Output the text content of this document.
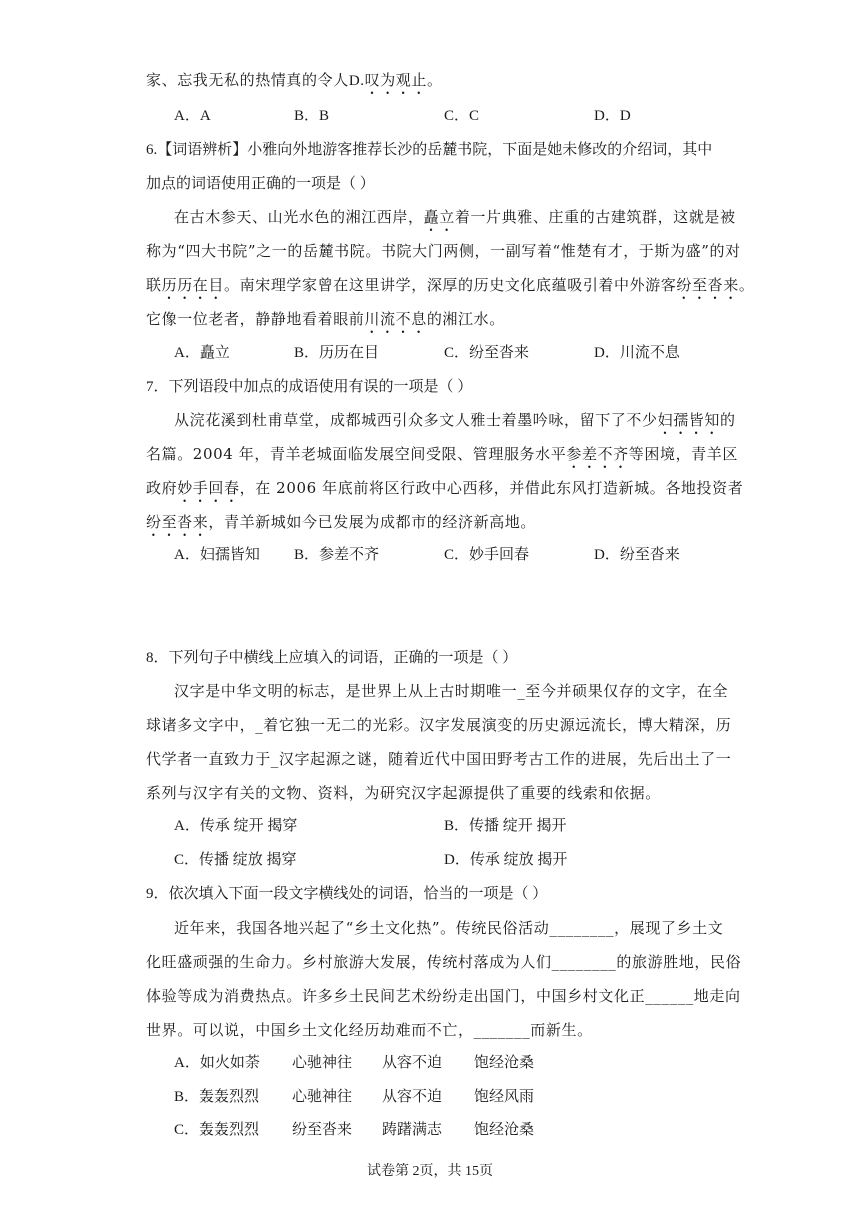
家、忘我无私的热情真的令人D.叹为观止。
A．A	B．B	C．C	D．D
6.【词语辨析】小雅向外地游客推荐长沙的岳麓书院，下面是她未修改的介绍词，其中
加点的词语使用正确的一项是（ ）
在古木参天、山光水色的湘江西岸，矗立着一片典雅、庄重的古建筑群，这就是被
称为“四大书院”之一的岳麓书院。书院大门两侧，一副写着“惟楚有才，于斯为盛”的对
联历历在目。南宋理学家曾在这里讲学，深厚的历史文化底蕴吸引着中外游客纷至沓来。
它像一位老者，静静地看着眼前川流不息的湘江水。
A．矗立	B．历历在目	C．纷至沓来	D．川流不息
7．下列语段中加点的成语使用有误的一项是（ ）
从浣花溪到杜甫草堂，成都城西引众多文人雅士着墨吟咏，留下了不少妇孺皆知的
名篇。2004 年，青羊老城面临发展空间受限、管理服务水平参差不齐等困境，青羊区
政府妙手回春，在 2006 年底前将区行政中心西移，并借此东风打造新城。各地投资者
纷至沓来，青羊新城如今已发展为成都市的经济新高地。
A．妇孺皆知 B．参差不齐	C．妙手回春	D．纷至沓来
8．下列句子中横线上应填入的词语，正确的一项是（ ）
汉字是中华文明的标志，是世界上从上古时期唯一_至今并硕果仅存的文字，在全
球诸多文字中，_着它独一无二的光彩。汉字发展演变的历史源远流长，博大精深，历
代学者一直致力于_汉字起源之谜，随着近代中国田野考古工作的进展，先后出土了一
系列与汉字有关的文物、资料，为研究汉字起源提供了重要的线索和依据。
A．传承 绽开 揭穿	B．传播 绽开 揭开
C．传播 绽放 揭穿	D．传承 绽放 揭开
9．依次填入下面一段文字横线处的词语，恰当的一项是（ ）
近年来，我国各地兴起了“乡土文化热”。传统民俗活动________，展现了乡土文
化旺盛顽强的生命力。乡村旅游大发展，传统村落成为人们________的旅游胜地，民俗
体验等成为消费热点。许多乡土民间艺术纷纷走出国门，中国乡村文化正______地走向
世界。可以说，中国乡土文化经历劫难而不亡，_______而新生。
A．如火如荼 心驰神往 从容不迫 饱经沧桑
B．轰轰烈烈 心驰神往 从容不迫 饱经风雨
C．轰轰烈烈 纷至沓来 踌躇满志 饱经沧桑
试卷第 2页，共 15页
